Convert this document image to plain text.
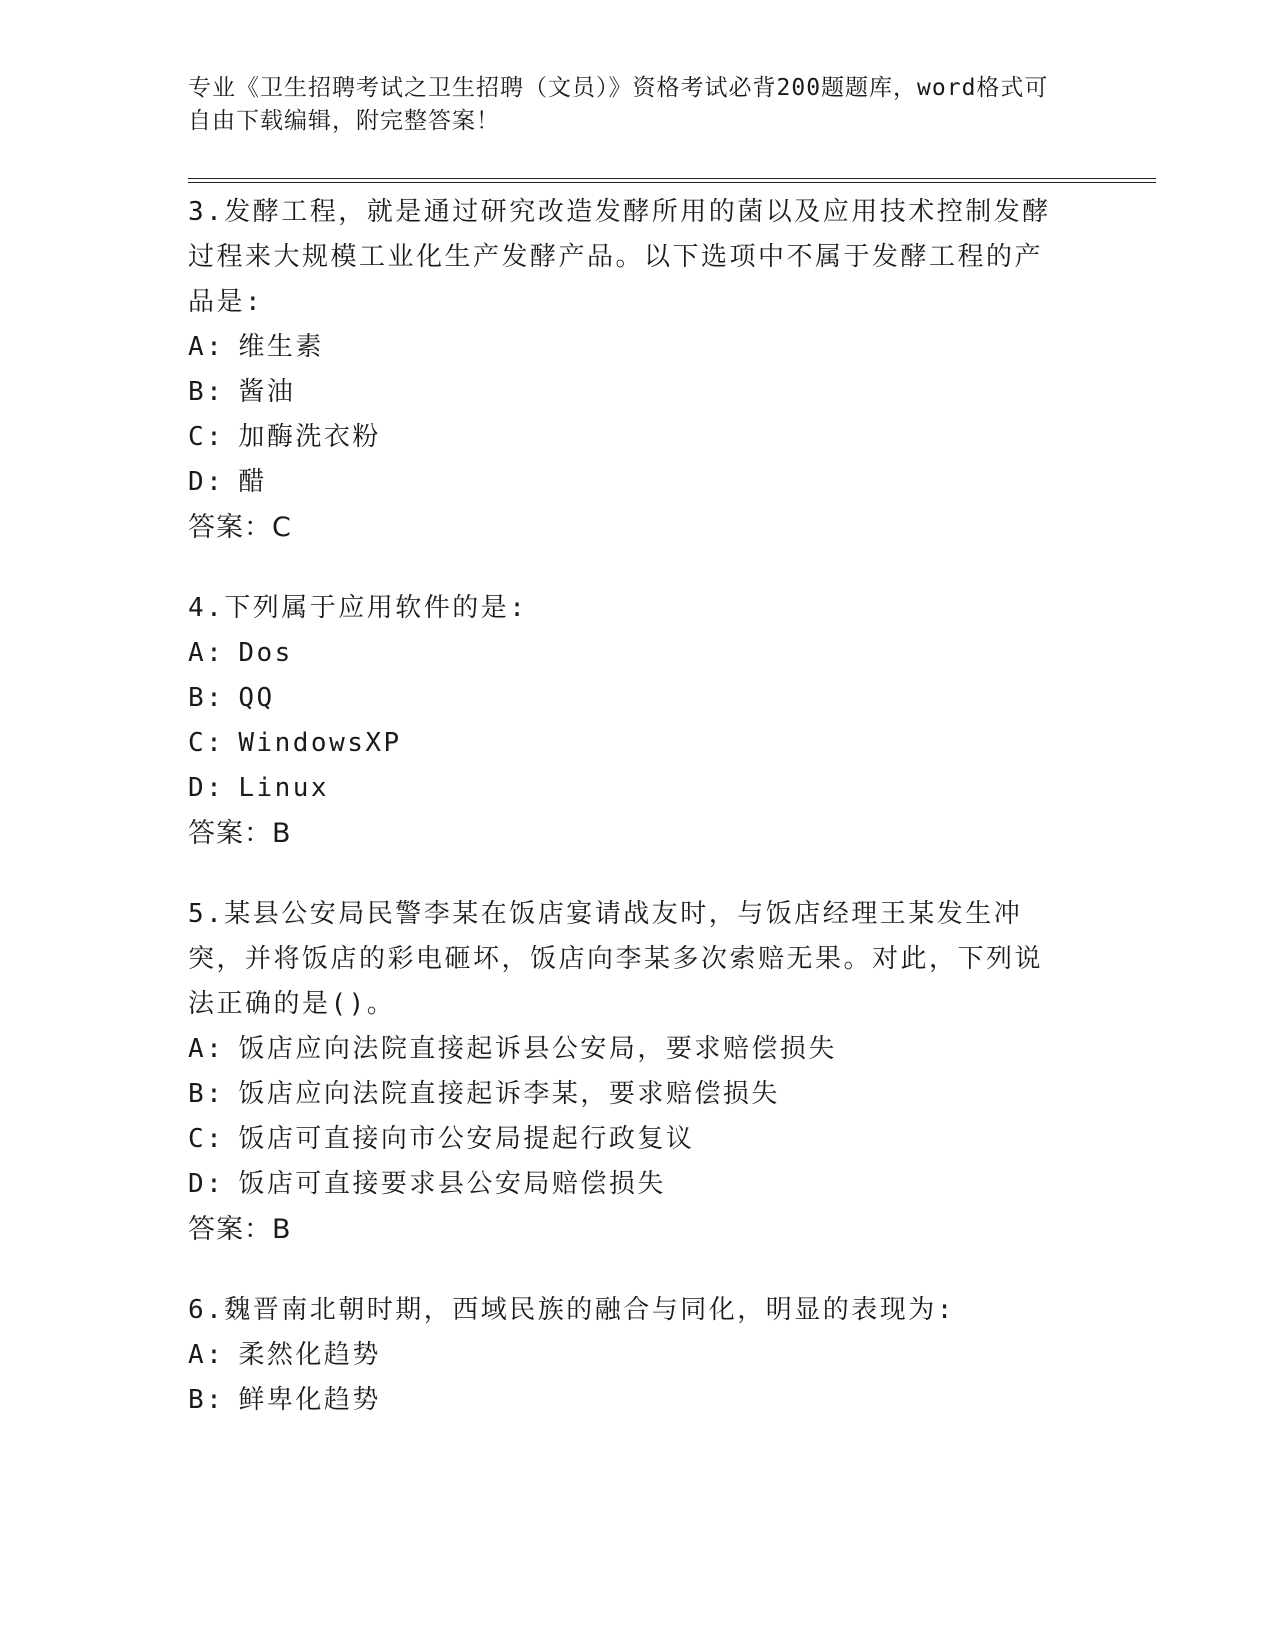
专业《卫生招聘考试之卫生招聘（文员）》资格考试必背200题题库，word格式可自由下载编辑，附完整答案！

3.发酵工程，就是通过研究改造发酵所用的菌以及应用技术控制发酵过程来大规模工业化生产发酵产品。以下选项中不属于发酵工程的产品是:

A: 维生素

B: 酱油

C: 加酶洗衣粉

D: 醋

答案：C

4.下列属于应用软件的是:

A: Dos

B: QQ

C: WindowsXP

D: Linux

答案：B

5.某县公安局民警李某在饭店宴请战友时，与饭店经理王某发生冲突，并将饭店的彩电砸坏，饭店向李某多次索赔无果。对此，下列说法正确的是()。

A: 饭店应向法院直接起诉县公安局，要求赔偿损失

B: 饭店应向法院直接起诉李某，要求赔偿损失

C: 饭店可直接向市公安局提起行政复议

D: 饭店可直接要求县公安局赔偿损失

答案：B

6.魏晋南北朝时期，西域民族的融合与同化，明显的表现为:

A: 柔然化趋势

B: 鲜卑化趋势
